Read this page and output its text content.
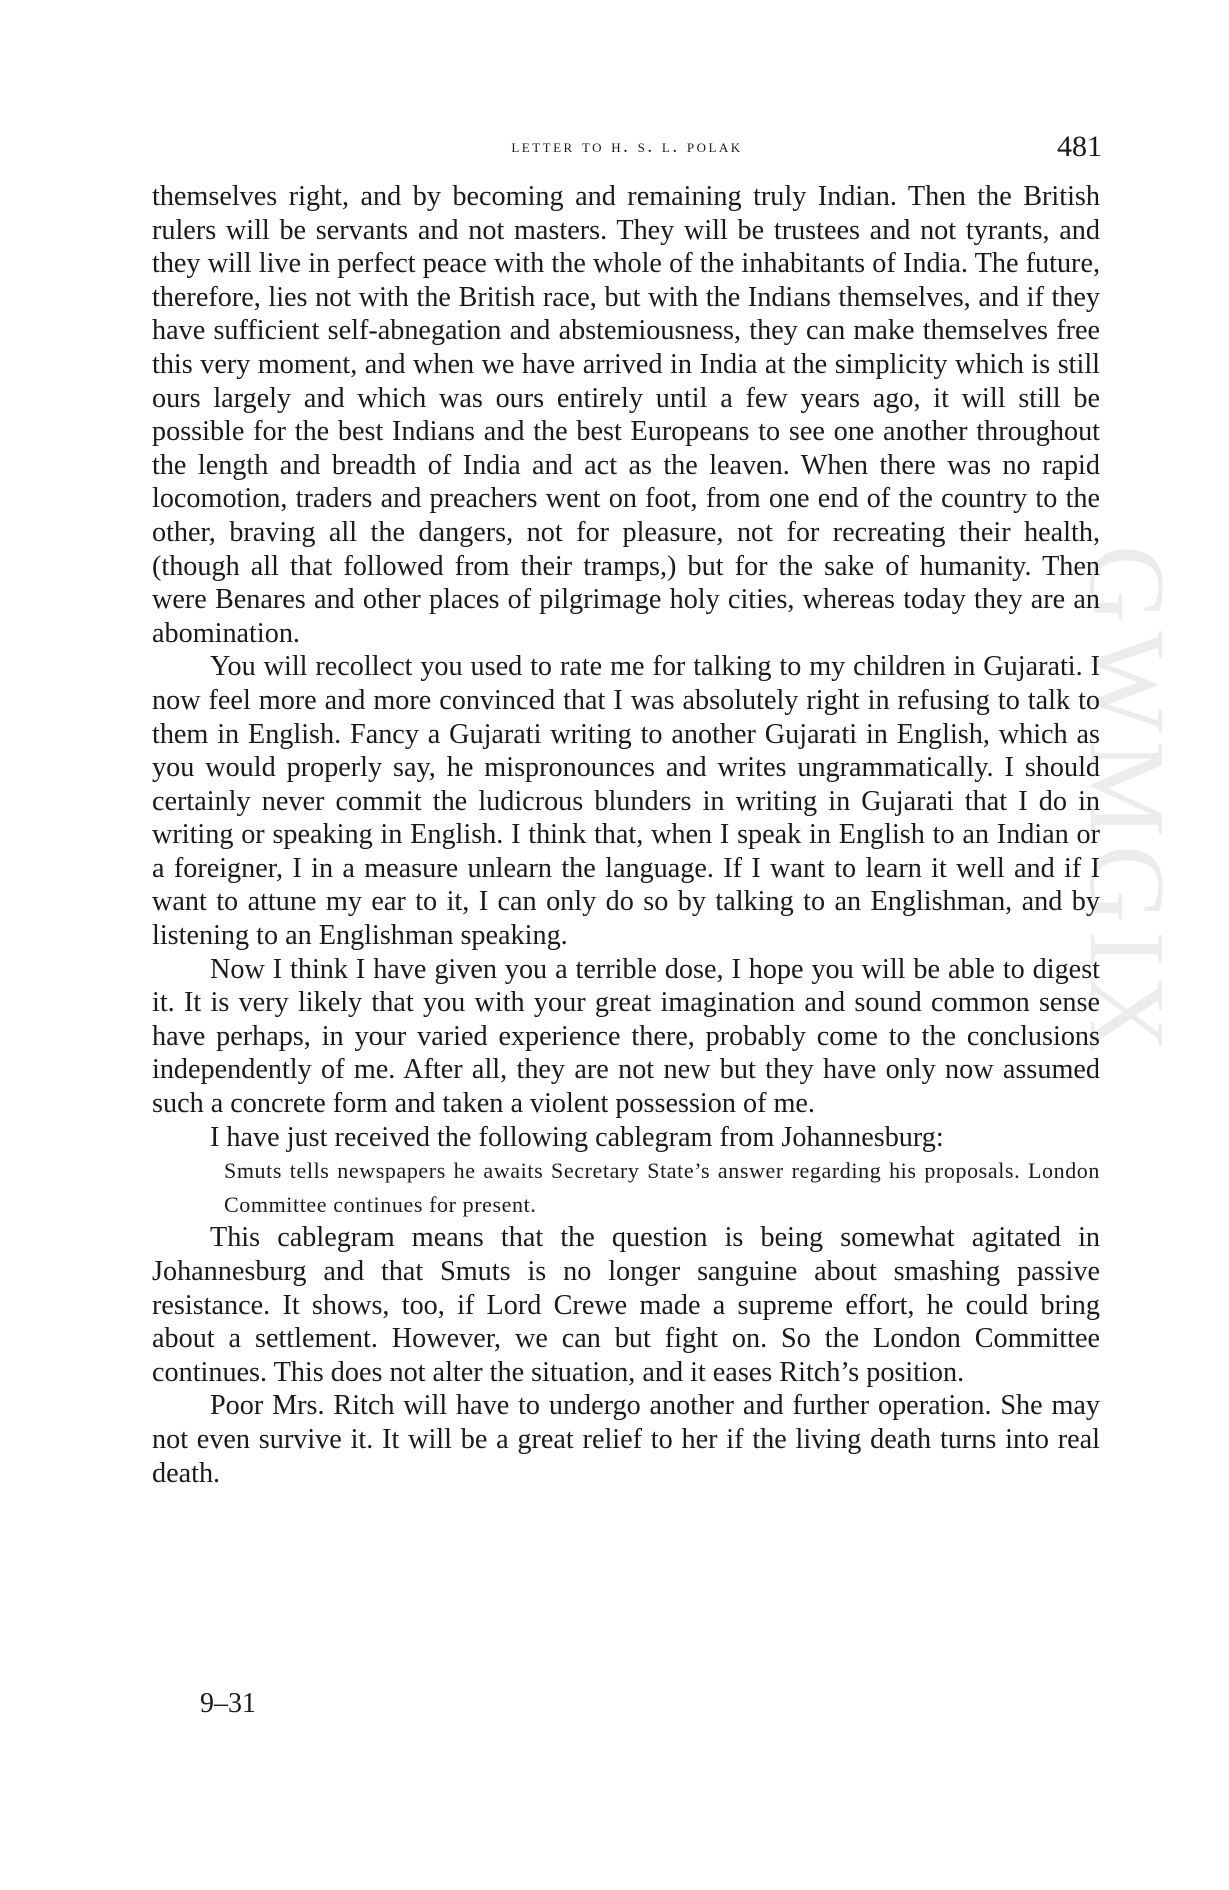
letter to h. s. l. polak	481
GWMGIX

themselves right, and by becoming and remaining truly Indian. Then the British rulers will be servants and not masters. They will be trustees and not tyrants, and they will live in perfect peace with the whole of the inhabitants of India. The future, therefore, lies not with the British race, but with the Indians themselves, and if they have sufficient self-abnegation and abstemiousness, they can make themselves free this very moment, and when we have arrived in India at the simplicity which is still ours largely and which was ours entirely until a few years ago, it will still be possible for the best Indians and the best Europeans to see one another throughout the length and breadth of India and act as the leaven. When there was no rapid locomotion, traders and preachers went on foot, from one end of the country to the other, braving all the dangers, not for pleasure, not for recreating their health, (though all that followed from their tramps,) but for the sake of humanity. Then were Benares and other places of pilgrimage holy cities, whereas today they are an abomination.

You will recollect you used to rate me for talking to my children in Gujarati. I now feel more and more convinced that I was absolutely right in refusing to talk to them in English. Fancy a Gujarati writing to another Gujarati in English, which as you would properly say, he mispronounces and writes ungrammatically. I should certainly never commit the ludicrous blunders in writing in Gujarati that I do in writing or speaking in English. I think that, when I speak in English to an Indian or a foreigner, I in a measure unlearn the language. If I want to learn it well and if I want to attune my ear to it, I can only do so by talking to an Englishman, and by listening to an Englishman speaking.

Now I think I have given you a terrible dose, I hope you will be able to digest it. It is very likely that you with your great imagination and sound common sense have perhaps, in your varied experience there, probably come to the conclusions independently of me. After all, they are not new but they have only now assumed such a concrete form and taken a violent possession of me.

I have just received the following cablegram from Johannesburg:

Smuts tells newspapers he awaits Secretary State’s answer regarding his proposals. London Committee continues for present.

This cablegram means that the question is being somewhat agitated in Johannesburg and that Smuts is no longer sanguine about smashing passive resistance. It shows, too, if Lord Crewe made a supreme effort, he could bring about a settlement. However, we can but fight on. So the London Committee continues. This does not alter the situation, and it eases Ritch’s position.

Poor Mrs. Ritch will have to undergo another and further operation. She may not even survive it. It will be a great relief to her if the living death turns into real death.

9–31
